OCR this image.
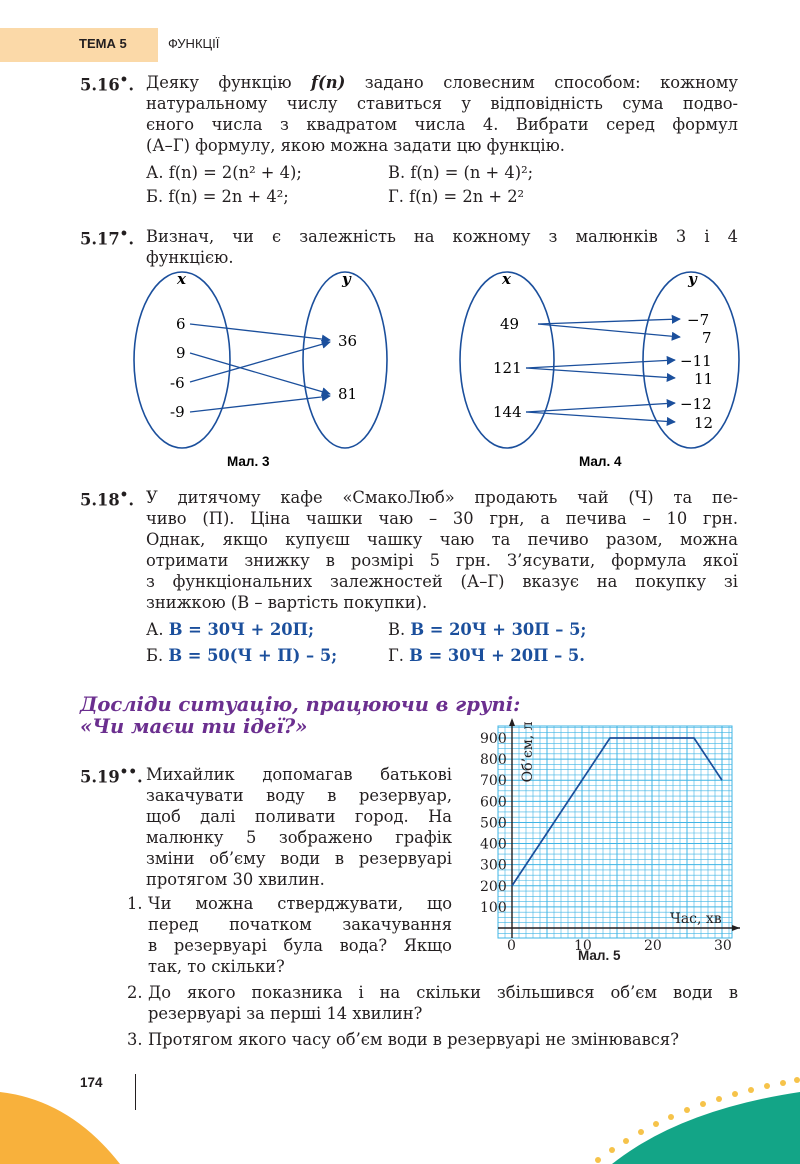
ТЕМА 5	ФУНКЦІЇ
5.16•. Деяку функцію f(n) задано словесним способом: кожному
натуральному числу ставиться у відповідність сума подво-
єного числа з квадратом числа 4. Вибрати серед формул
(А–Г) формулу, якою можна задати цю функцію.
А. f(n) = 2(n² + 4);	В. f(n) = (n + 4)²;
Б. f(n) = 2n + 4²;	Г. f(n) = 2n + 2²
5.17•. Визнач, чи є залежність на кожному з малюнків 3 і 4
функцією.
x	y
6
9
-6
-9
36
81
Мал. 3
x	y
49
121
144
−7
7
−11
11
−12
12
Мал. 4
5.18•. У дитячому кафе «СмакоЛюб» продають чай (Ч) та пе-
чиво (П). Ціна чашки чаю – 30 грн, а печива – 10 грн.
Однак, якщо купуєш чашку чаю та печиво разом, можна
отримати знижку в розмірі 5 грн. З’ясувати, формула якої
з функціональних залежностей (А–Г) вказує на покупку зі
знижкою (В – вартість покупки).
А. В = 30Ч + 20П;	В. В = 20Ч + 30П – 5;
Б. В = 50(Ч + П) – 5;	Г. В = 30Ч + 20П – 5.
Досліди ситуацію, працюючи в групі:
«Чи маєш ти ідеї?»
5.19••. Михайлик допомагав батькові
закачувати воду в резервуар,
щоб далі поливати город. На
малюнку 5 зображено графік
зміни об’єму води в резервуарі
протягом 30 хвилин.
1. Чи можна стверджувати, що
перед початком закачування
в резервуарі була вода? Якщо
так, то скільки?
2. До якого показника і на скільки збільшився об’єм води в
резервуарі за перші 14 хвилин?
3. Протягом якого часу об’єм води в резервуарі не змінювався?
100
200
300
400
500
600
700
800
900
0	10	20	30
Об’єм, л
Час, хв
Мал. 5
174
